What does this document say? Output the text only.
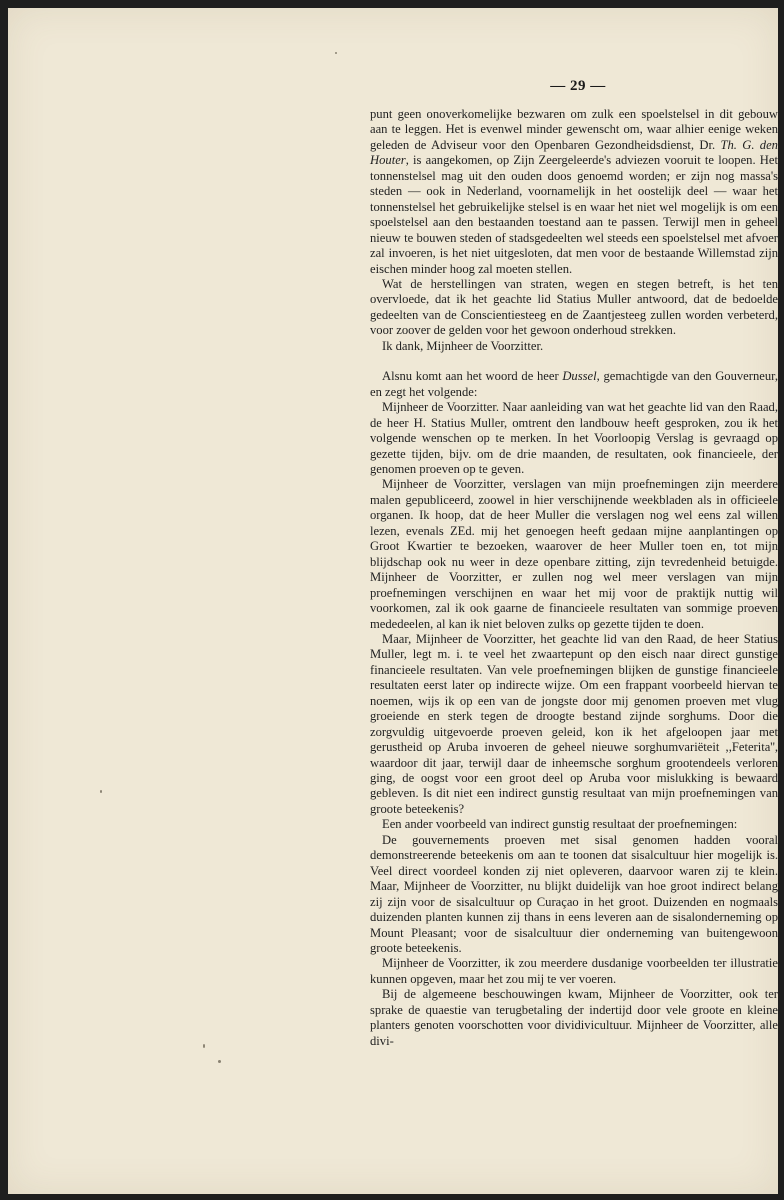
— 29 —

punt geen onoverkomelijke bezwaren om zulk een spoelstelsel in dit gebouw aan te leggen. Het is evenwel minder gewenscht om, waar alhier eenige weken geleden de Adviseur voor den Openbaren Gezondheidsdienst, Dr. Th. G. den Houter, is aangekomen, op Zijn Zeergeleerde's adviezen vooruit te loopen. Het tonnenstelsel mag uit den ouden doos genoemd worden; er zijn nog massa's steden — ook in Nederland, voornamelijk in het oostelijk deel — waar het tonnenstelsel het gebruikelijke stelsel is en waar het niet wel mogelijk is om een spoelstelsel aan den bestaanden toestand aan te passen. Terwijl men in geheel nieuw te bouwen steden of stadsgedeelten wel steeds een spoelstelsel met afvoer zal invoeren, is het niet uitgesloten, dat men voor de bestaande Willemstad zijn eischen minder hoog zal moeten stellen.

Wat de herstellingen van straten, wegen en stegen betreft, is het ten overvloede, dat ik het geachte lid Statius Muller antwoord, dat de bedoelde gedeelten van de Conscientiesteeg en de Zaantjesteeg zullen worden verbeterd, voor zoover de gelden voor het gewoon onderhoud strekken.

Ik dank, Mijnheer de Voorzitter.

Alsnu komt aan het woord de heer Dussel, gemachtigde van den Gouverneur, en zegt het volgende:

Mijnheer de Voorzitter. Naar aanleiding van wat het geachte lid van den Raad, de heer H. Statius Muller, omtrent den landbouw heeft gesproken, zou ik het volgende wenschen op te merken. In het Voorloopig Verslag is gevraagd op gezette tijden, bijv. om de drie maanden, de resultaten, ook financieele, der genomen proeven op te geven.

Mijnheer de Voorzitter, verslagen van mijn proefnemingen zijn meerdere malen gepubliceerd, zoowel in hier verschijnende weekbladen als in officieele organen. Ik hoop, dat de heer Muller die verslagen nog wel eens zal willen lezen, evenals ZEd. mij het genoegen heeft gedaan mijne aanplantingen op Groot Kwartier te bezoeken, waarover de heer Muller toen en, tot mijn blijdschap ook nu weer in deze openbare zitting, zijn tevredenheid betuigde. Mijnheer de Voorzitter, er zullen nog wel meer verslagen van mijn proefnemingen verschijnen en waar het mij voor de praktijk nuttig wil voorkomen, zal ik ook gaarne de financieele resultaten van sommige proeven mededeelen, al kan ik niet beloven zulks op gezette tijden te doen.

Maar, Mijnheer de Voorzitter, het geachte lid van den Raad, de heer Statius Muller, legt m. i. te veel het zwaartepunt op den eisch naar direct gunstige financieele resultaten. Van vele proefnemingen blijken de gunstige financieele resultaten eerst later op indirecte wijze. Om een frappant voorbeeld hiervan te noemen, wijs ik op een van de jongste door mij genomen proeven met vlug groeiende en sterk tegen de droogte bestand zijnde sorghums. Door die zorgvuldig uitgevoerde proeven geleid, kon ik het afgeloopen jaar met gerustheid op Aruba invoeren de geheel nieuwe sorghumvariëteit ,,Feterita'', waardoor dit jaar, terwijl daar de inheemsche sorghum grootendeels verloren ging, de oogst voor een groot deel op Aruba voor mislukking is bewaard gebleven. Is dit niet een indirect gunstig resultaat van mijn proefnemingen van groote beteekenis?

Een ander voorbeeld van indirect gunstig resultaat der proefnemingen:

De gouvernements proeven met sisal genomen hadden vooral demonstreerende beteekenis om aan te toonen dat sisalcultuur hier mogelijk is. Veel direct voordeel konden zij niet opleveren, daarvoor waren zij te klein. Maar, Mijnheer de Voorzitter, nu blijkt duidelijk van hoe groot indirect belang zij zijn voor de sisalcultuur op Curaçao in het groot. Duizenden en nogmaals duizenden planten kunnen zij thans in eens leveren aan de sisalonderneming op Mount Pleasant; voor de sisalcultuur dier onderneming van buitengewoon groote beteekenis.

Mijnheer de Voorzitter, ik zou meerdere dusdanige voorbeelden ter illustratie kunnen opgeven, maar het zou mij te ver voeren.

Bij de algemeene beschouwingen kwam, Mijnheer de Voorzitter, ook ter sprake de quaestie van terugbetaling der indertijd door vele groote en kleine planters genoten voorschotten voor dividivicultuur. Mijnheer de Voorzitter, alle divi-
